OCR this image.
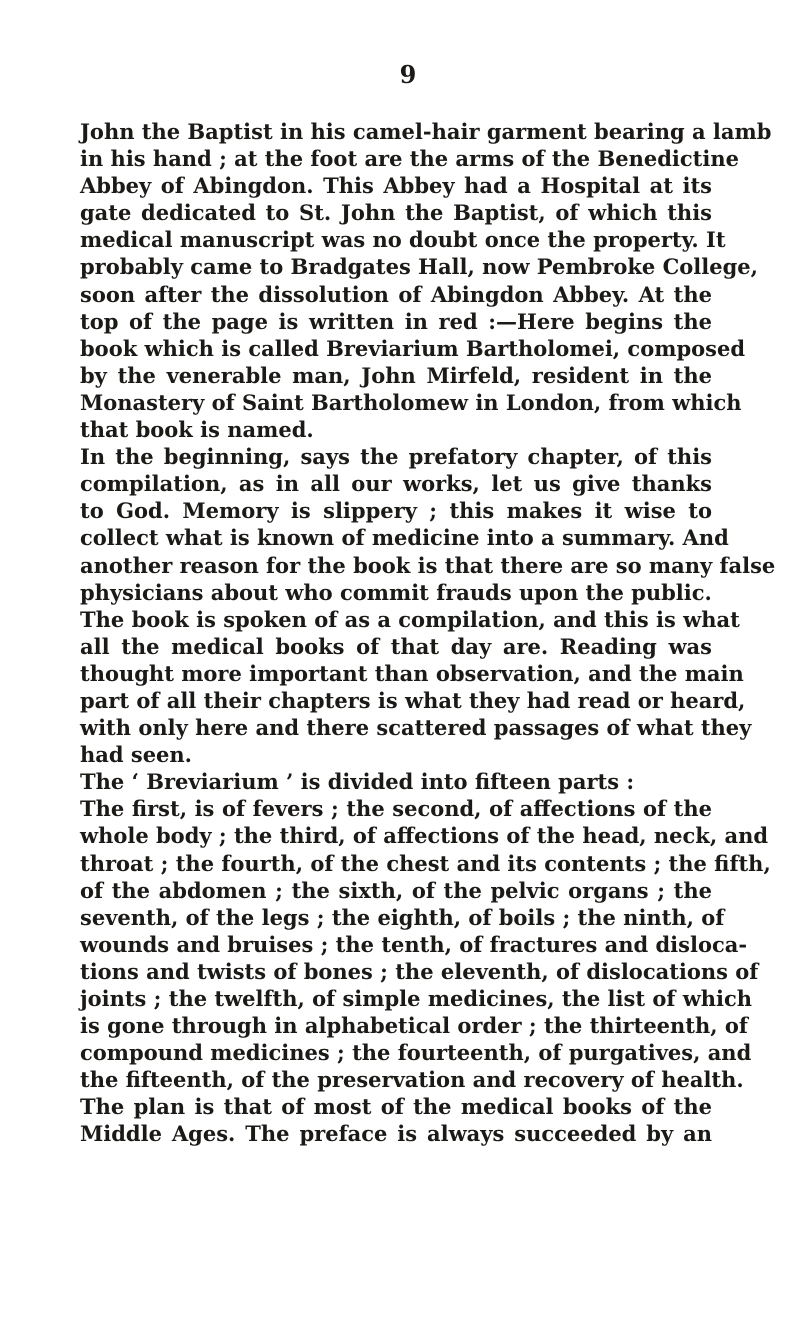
9
John the Baptist in his camel-hair garment bearing a lamb
in his hand ; at the foot are the arms of the Benedictine
Abbey of Abingdon. This Abbey had a Hospital at its
gate dedicated to St. John the Baptist, of which this
medical manuscript was no doubt once the property. It
probably came to Bradgates Hall, now Pembroke College,
soon after the dissolution of Abingdon Abbey. At the
top of the page is written in red :—Here begins the
book which is called Breviarium Bartholomei, composed
by the venerable man, John Mirfeld, resident in the
Monastery of Saint Bartholomew in London, from which
that book is named.
In the beginning, says the prefatory chapter, of this
compilation, as in all our works, let us give thanks
to God. Memory is slippery ; this makes it wise to
collect what is known of medicine into a summary. And
another reason for the book is that there are so many false
physicians about who commit frauds upon the public.
The book is spoken of as a compilation, and this is what
all the medical books of that day are. Reading was
thought more important than observation, and the main
part of all their chapters is what they had read or heard,
with only here and there scattered passages of what they
had seen.
The ‘ Breviarium ’ is divided into fifteen parts :
The first, is of fevers ; the second, of affections of the
whole body ; the third, of affections of the head, neck, and
throat ; the fourth, of the chest and its contents ; the fifth,
of the abdomen ; the sixth, of the pelvic organs ; the
seventh, of the legs ; the eighth, of boils ; the ninth, of
wounds and bruises ; the tenth, of fractures and disloca-
tions and twists of bones ; the eleventh, of dislocations of
joints ; the twelfth, of simple medicines, the list of which
is gone through in alphabetical order ; the thirteenth, of
compound medicines ; the fourteenth, of purgatives, and
the fifteenth, of the preservation and recovery of health.
The plan is that of most of the medical books of the
Middle Ages. The preface is always succeeded by an
